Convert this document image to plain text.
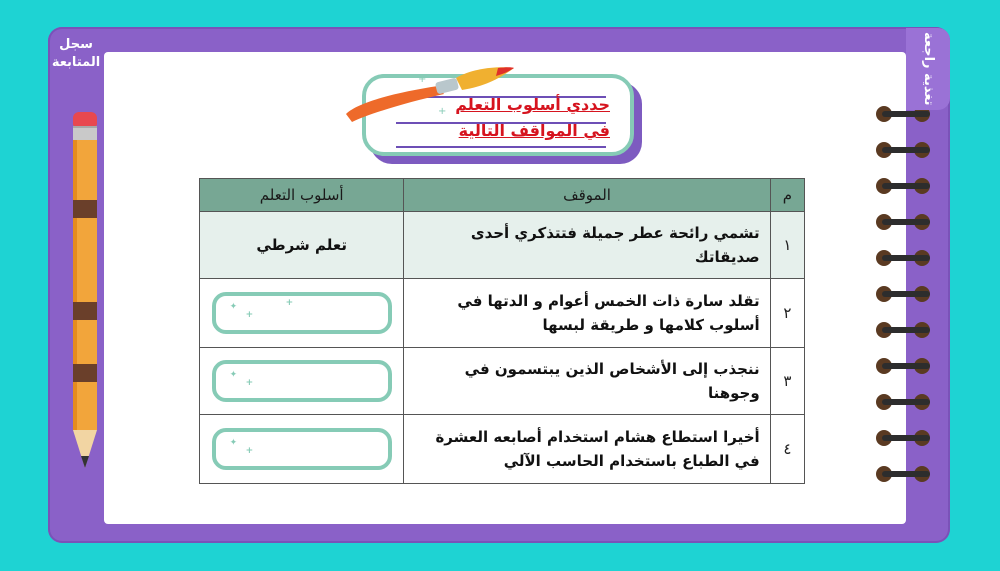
سجل المتابعة	تغذية راجعة
حددي أسلوب التعلم
في المواقف التالية
+
+
م	الموقف	أسلوب التعلم
١	تشمي رائحة عطر جميلة فتتذكري أحدى صديقاتك	تعلم شرطي
٢	تقلد سارة ذات الخمس أعوام و الدتها في أسلوب كلامها و طريقة لبسها	✦
+
+

٣	ننجذب إلى الأشخاص الذين يبتسمون في وجوهنا	✦
+

٤	أخيرا استطاع هشام استخدام أصابعه العشرة في الطباع باستخدام الحاسب الآلي	✦
+
